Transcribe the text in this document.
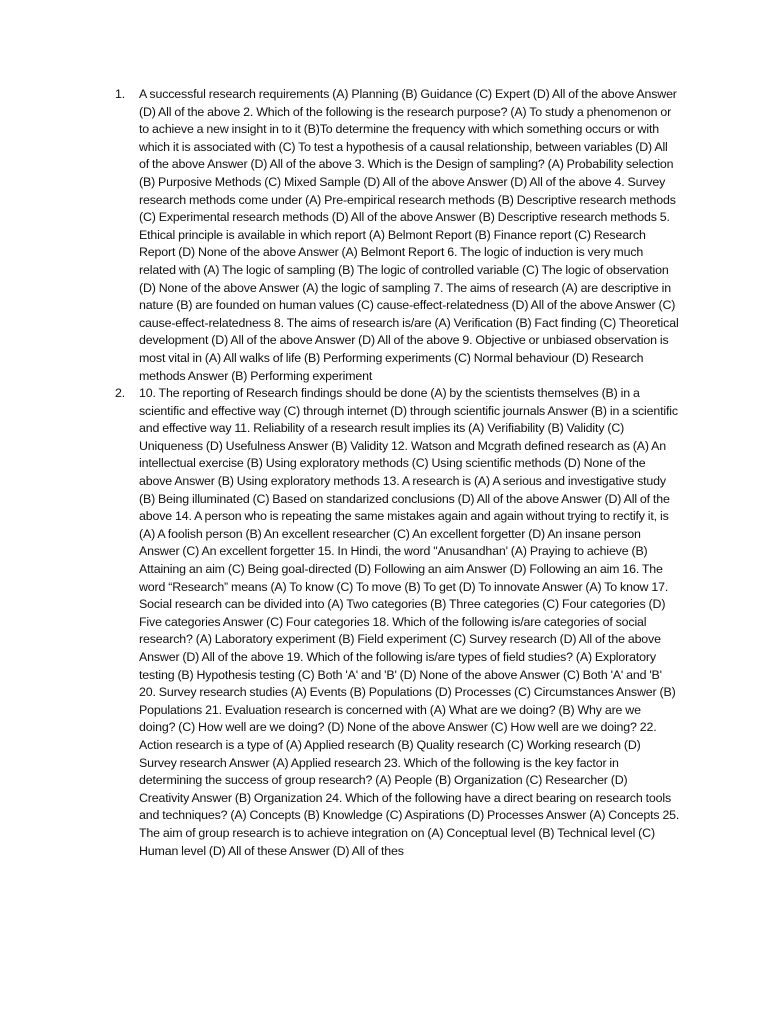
1. A successful research requirements (A) Planning (B) Guidance (C) Expert (D) All of the above Answer (D) All of the above 2. Which of the following is the research purpose? (A) To study a phenomenon or to achieve a new insight in to it (B)To determine the frequency with which something occurs or with which it is associated with (C) To test a hypothesis of a causal relationship, between variables (D) All of the above Answer (D) All of the above 3. Which is the Design of sampling? (A) Probability selection (B) Purposive Methods (C) Mixed Sample (D) All of the above Answer (D) All of the above 4. Survey research methods come under (A) Pre-empirical research methods (B) Descriptive research methods (C) Experimental research methods (D) All of the above Answer (B) Descriptive research methods 5. Ethical principle is available in which report (A) Belmont Report (B) Finance report (C) Research Report (D) None of the above Answer (A) Belmont Report 6. The logic of induction is very much related with (A) The logic of sampling (B) The logic of controlled variable (C) The logic of observation (D) None of the above Answer (A) the logic of sampling 7. The aims of research (A) are descriptive in nature (B) are founded on human values (C) cause-effect-relatedness (D) All of the above Answer (C) cause-effect-relatedness 8. The aims of research is/are (A) Verification (B) Fact finding (C) Theoretical development (D) All of the above Answer (D) All of the above 9. Objective or unbiased observation is most vital in (A) All walks of life (B) Performing experiments (C) Normal behaviour (D) Research methods Answer (B) Performing experiment
2. 10. The reporting of Research findings should be done (A) by the scientists themselves (B) in a scientific and effective way (C) through internet (D) through scientific journals Answer (B) in a scientific and effective way 11. Reliability of a research result implies its (A) Verifiability (B) Validity (C) Uniqueness (D) Usefulness Answer (B) Validity 12. Watson and Mcgrath defined research as (A) An intellectual exercise (B) Using exploratory methods (C) Using scientific methods (D) None of the above Answer (B) Using exploratory methods 13. A research is (A) A serious and investigative study (B) Being illuminated (C) Based on standarized conclusions (D) All of the above Answer (D) All of the above 14. A person who is repeating the same mistakes again and again without trying to rectify it, is (A) A foolish person (B) An excellent researcher (C) An excellent forgetter (D) An insane person Answer (C) An excellent forgetter 15. In Hindi, the word "Anusandhan' (A) Praying to achieve (B) Attaining an aim (C) Being goal-directed (D) Following an aim Answer (D) Following an aim 16. The word “Research” means (A) To know (C) To move (B) To get (D) To innovate Answer (A) To know 17. Social research can be divided into (A) Two categories (B) Three categories (C) Four categories (D) Five categories Answer (C) Four categories 18. Which of the following is/are categories of social research? (A) Laboratory experiment (B) Field experiment (C) Survey research (D) All of the above Answer (D) All of the above 19. Which of the following is/are types of field studies? (A) Exploratory testing (B) Hypothesis testing (C) Both 'A' and 'B' (D) None of the above Answer (C) Both 'A' and 'B' 20. Survey research studies (A) Events (B) Populations (D) Processes (C) Circumstances Answer (B) Populations 21. Evaluation research is concerned with (A) What are we doing? (B) Why are we doing? (C) How well are we doing? (D) None of the above Answer (C) How well are we doing? 22. Action research is a type of (A) Applied research (B) Quality research (C) Working research (D) Survey research Answer (A) Applied research 23. Which of the following is the key factor in determining the success of group research? (A) People (B) Organization (C) Researcher (D) Creativity Answer (B) Organization 24. Which of the following have a direct bearing on research tools and techniques? (A) Concepts (B) Knowledge (C) Aspirations (D) Processes Answer (A) Concepts 25. The aim of group research is to achieve integration on (A) Conceptual level (B) Technical level (C) Human level (D) All of these Answer (D) All of thes
